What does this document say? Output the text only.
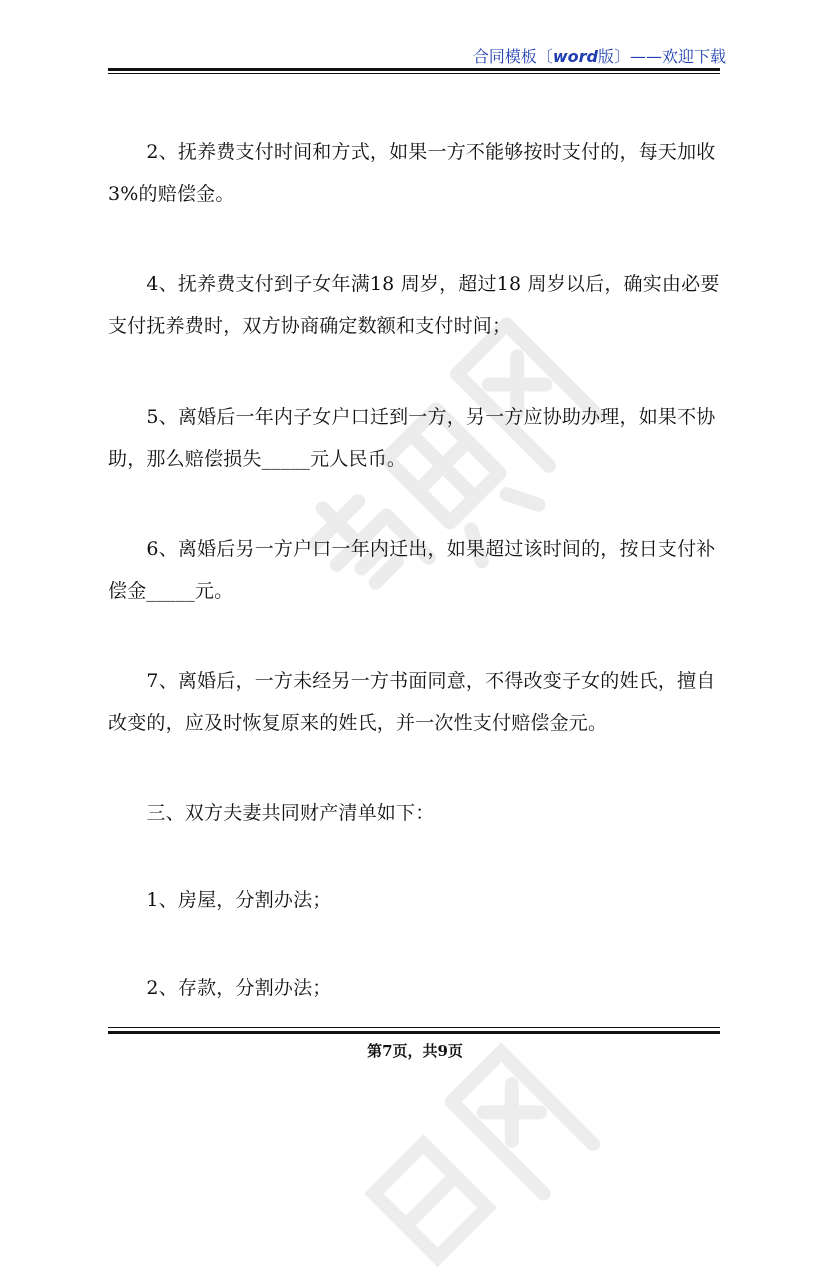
合同模板〔word版〕——欢迎下载
　　2、抚养费支付时间和方式，如果一方不能够按时支付的，每天加收
3%的赔偿金。
　　4、抚养费支付到子女年满18 周岁，超过18 周岁以后，确实由必要
支付抚养费时，双方协商确定数额和支付时间；
　　5、离婚后一年内子女户口迁到一方，另一方应协助办理，如果不协
助，那么赔偿损失_____元人民币。
　　6、离婚后另一方户口一年内迁出，如果超过该时间的，按日支付补
偿金_____元。
　　7、离婚后，一方未经另一方书面同意，不得改变子女的姓氏，擅自
改变的，应及时恢复原来的姓氏，并一次性支付赔偿金元。
　　三、双方夫妻共同财产清单如下：
　　1、房屋，分割办法；
　　2、存款，分割办法；
第7页，共9页
